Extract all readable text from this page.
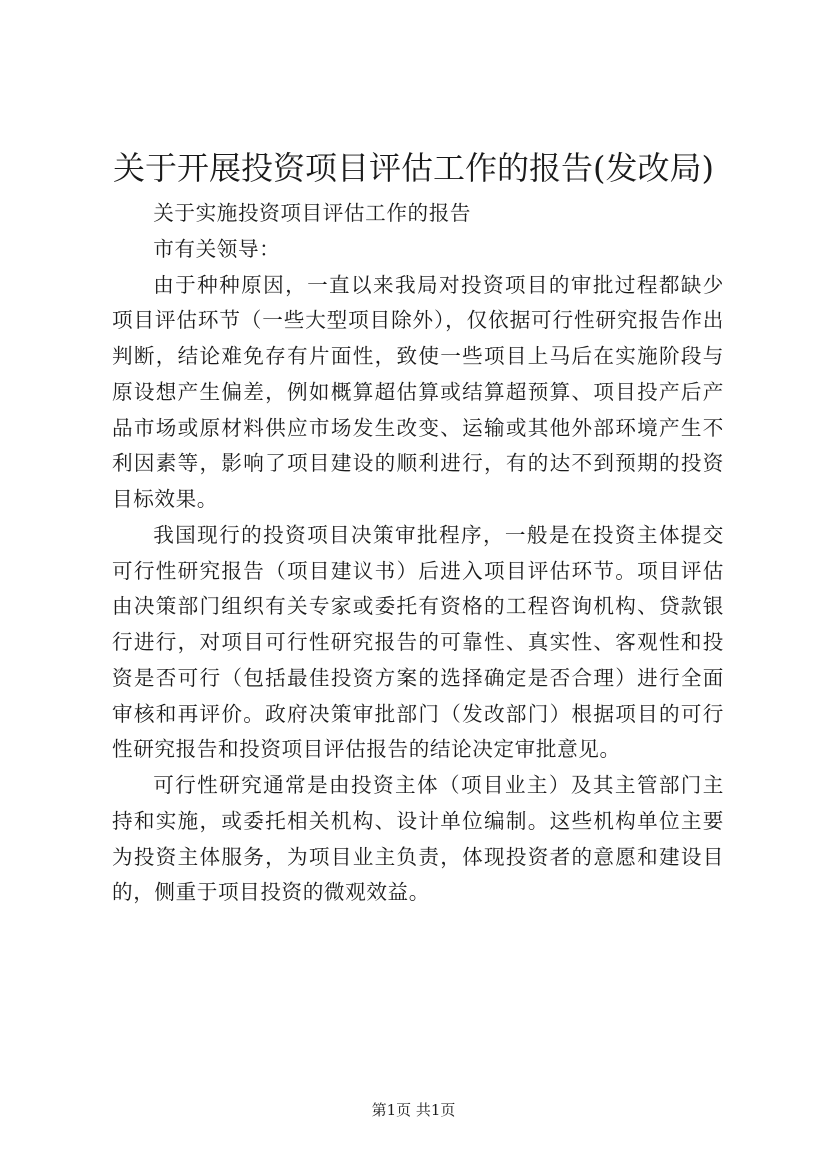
关于开展投资项目评估工作的报告(发改局)

关于实施投资项目评估工作的报告

市有关领导：

由于种种原因，一直以来我局对投资项目的审批过程都缺少项目评估环节（一些大型项目除外），仅依据可行性研究报告作出判断，结论难免存有片面性，致使一些项目上马后在实施阶段与原设想产生偏差，例如概算超估算或结算超预算、项目投产后产品市场或原材料供应市场发生改变、运输或其他外部环境产生不利因素等，影响了项目建设的顺利进行，有的达不到预期的投资目标效果。

我国现行的投资项目决策审批程序，一般是在投资主体提交可行性研究报告（项目建议书）后进入项目评估环节。项目评估由决策部门组织有关专家或委托有资格的工程咨询机构、贷款银行进行，对项目可行性研究报告的可靠性、真实性、客观性和投资是否可行（包括最佳投资方案的选择确定是否合理）进行全面审核和再评价。政府决策审批部门（发改部门）根据项目的可行性研究报告和投资项目评估报告的结论决定审批意见。

可行性研究通常是由投资主体（项目业主）及其主管部门主持和实施，或委托相关机构、设计单位编制。这些机构单位主要为投资主体服务，为项目业主负责，体现投资者的意愿和建设目的，侧重于项目投资的微观效益。

第1页 共1页
